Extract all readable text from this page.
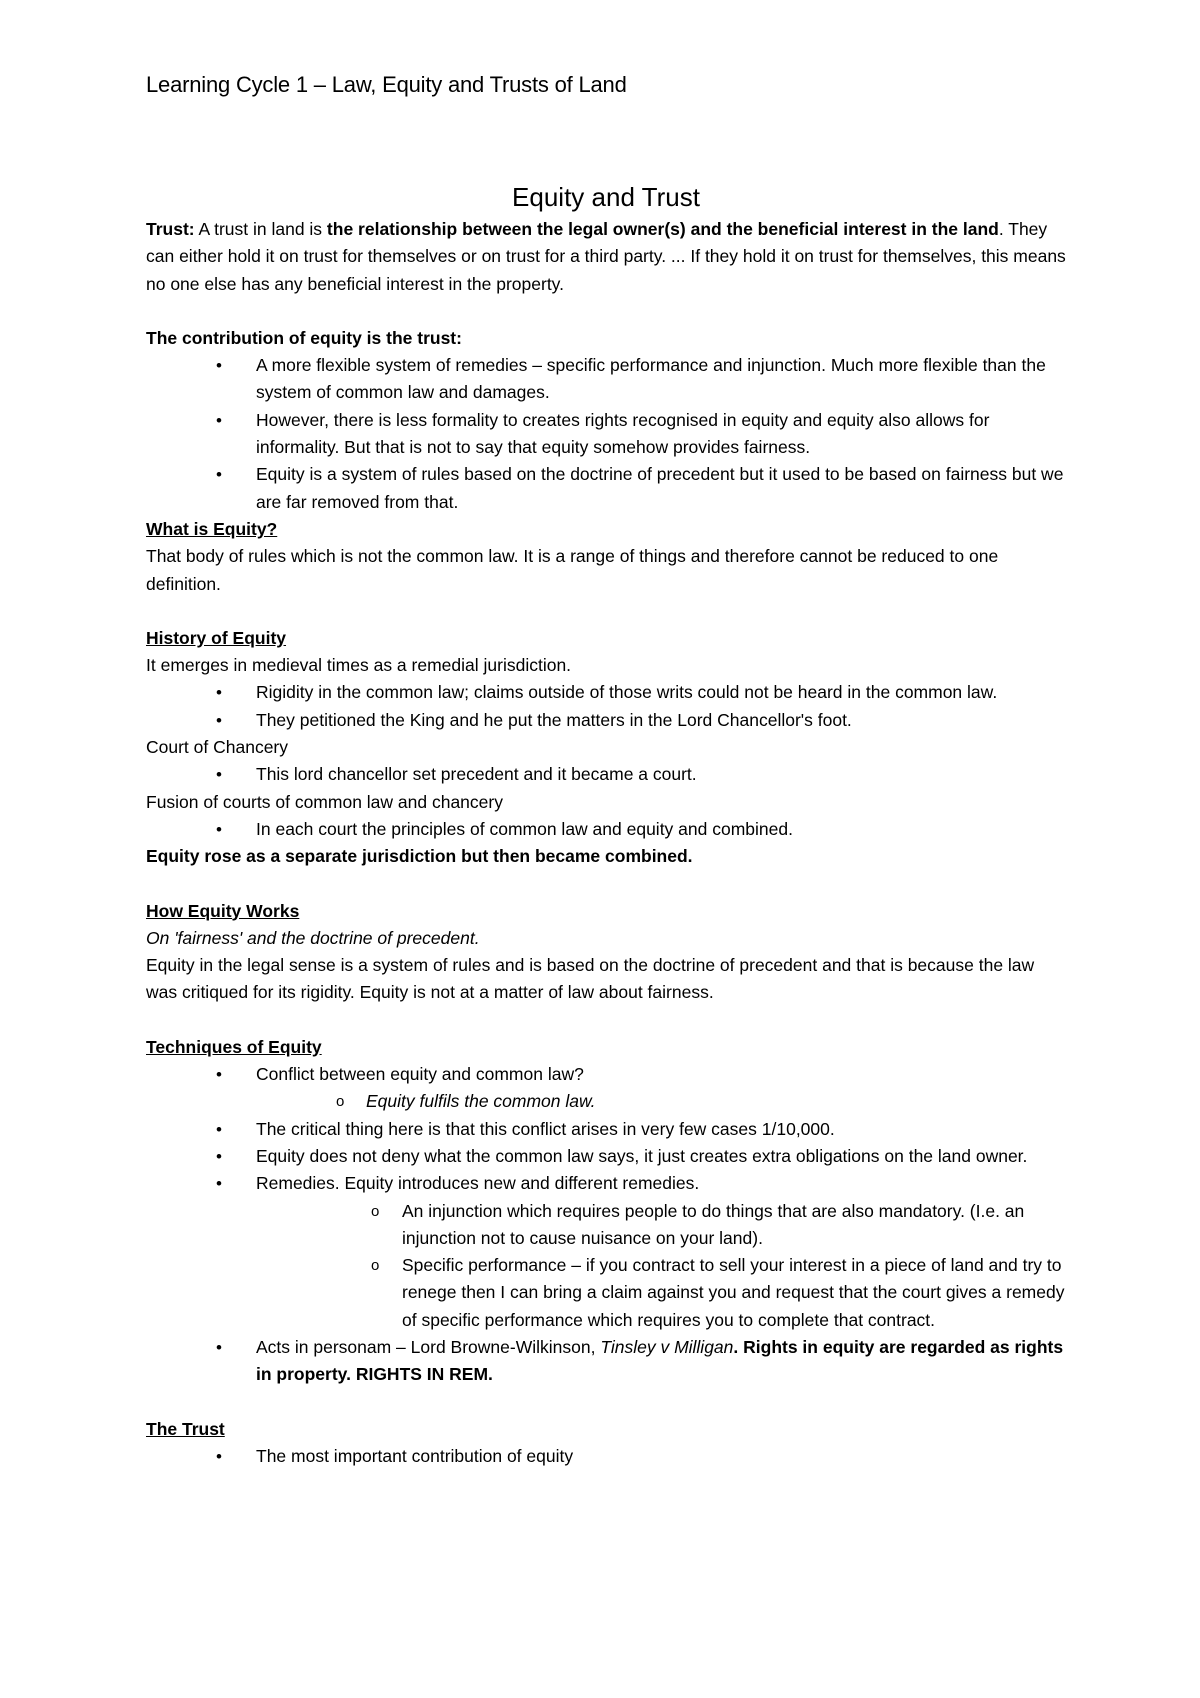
Learning Cycle 1 – Law, Equity and Trusts of Land
Equity and Trust

Trust: A trust in land is the relationship between the legal owner(s) and the beneficial interest in the land. They can either hold it on trust for themselves or on trust for a third party. ... If they hold it on trust for themselves, this means no one else has any beneficial interest in the property.

The contribution of equity is the trust:

• A more flexible system of remedies – specific performance and injunction. Much more flexible than the system of common law and damages.
• However, there is less formality to creates rights recognised in equity and equity also allows for informality. But that is not to say that equity somehow provides fairness.
• Equity is a system of rules based on the doctrine of precedent but it used to be based on fairness but we are far removed from that.

What is Equity?

That body of rules which is not the common law. It is a range of things and therefore cannot be reduced to one definition.

History of Equity

It emerges in medieval times as a remedial jurisdiction.

• Rigidity in the common law; claims outside of those writs could not be heard in the common law.
• They petitioned the King and he put the matters in the Lord Chancellor's foot.

Court of Chancery

• This lord chancellor set precedent and it became a court.

Fusion of courts of common law and chancery

• In each court the principles of common law and equity and combined.

Equity rose as a separate jurisdiction but then became combined.

How Equity Works

On 'fairness' and the doctrine of precedent.

Equity in the legal sense is a system of rules and is based on the doctrine of precedent and that is because the law was critiqued for its rigidity. Equity is not at a matter of law about fairness.

Techniques of Equity

• Conflict between equity and common law?
o Equity fulfils the common law.
• The critical thing here is that this conflict arises in very few cases 1/10,000.
• Equity does not deny what the common law says, it just creates extra obligations on the land owner.
• Remedies. Equity introduces new and different remedies.
o An injunction which requires people to do things that are also mandatory. (I.e. an injunction not to cause nuisance on your land).
o Specific performance – if you contract to sell your interest in a piece of land and try to renege then I can bring a claim against you and request that the court gives a remedy of specific performance which requires you to complete that contract.
• Acts in personam – Lord Browne-Wilkinson, Tinsley v Milligan. Rights in equity are regarded as rights in property. RIGHTS IN REM.

The Trust

• The most important contribution of equity
